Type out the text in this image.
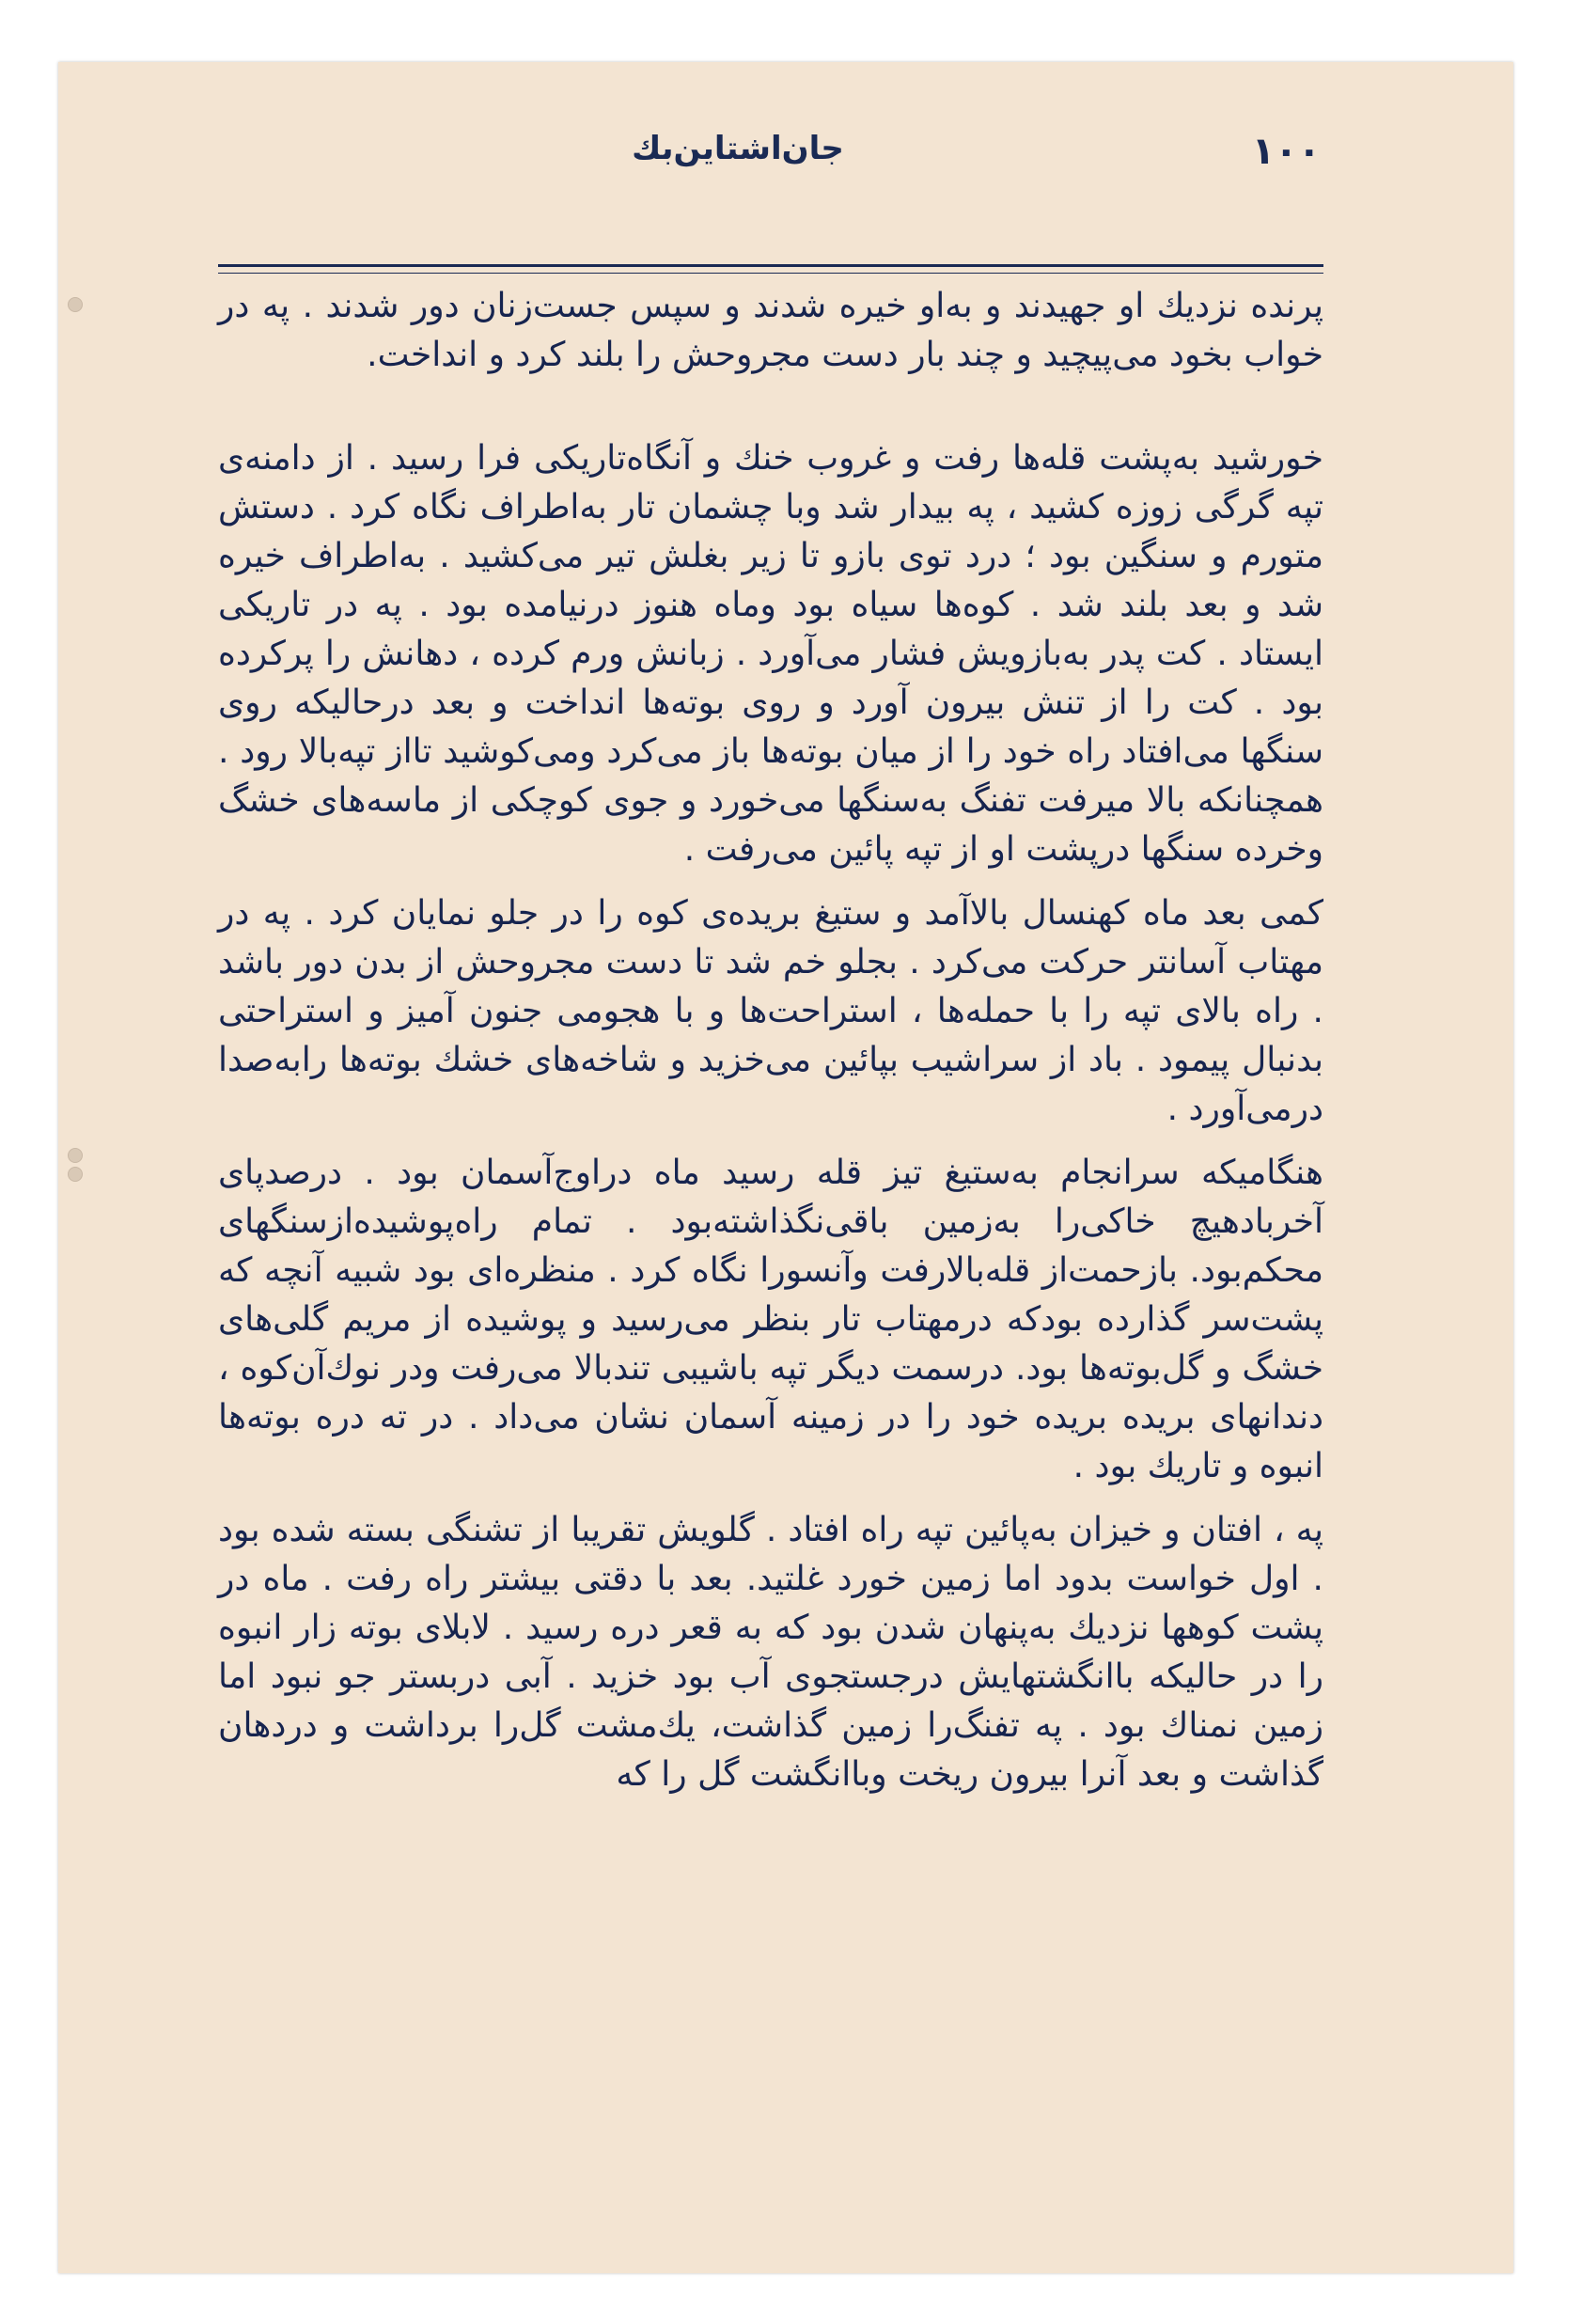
۱۰۰
جان‌اشتاین‌بك

پرنده نزدیك او جهیدند و به‌او خیره شدند و سپس جست‌زنان دور شدند . په در خواب بخود می‌پیچید و چند بار دست مجروحش را بلند کرد و انداخت.

خورشید به‌پشت قله‌ها رفت و غروب خنك و آنگاه‌تاریکی فرا رسید . از دامنه‌ی تپه گرگی زوزه کشید ، په بیدار شد وبا چشمان تار به‌اطراف نگاه کرد . دستش متورم و سنگین بود ؛ درد توی بازو تا زیر بغلش تیر می‌کشید . به‌اطراف خیره شد و بعد بلند شد . کوه‌ها سیاه بود وماه هنوز درنیامده بود . په در تاریکی ایستاد . کت پدر به‌بازویش فشار می‌آورد . زبانش ورم کرده ، دهانش را پرکرده بود . کت را از تنش بیرون آورد و روی بوته‌ها انداخت و بعد درحالیکه روی سنگها می‌افتاد راه خود را از میان بوته‌ها باز می‌کرد ومی‌کوشید تااز تپه‌بالا رود . همچنانکه بالا میرفت تفنگ به‌سنگها می‌خورد و جوی کوچکی از ماسه‌های خشگ وخرده سنگها درپشت او از تپه پائین می‌رفت .

کمی بعد ماه کهنسال بالاآمد و ستیغ بریده‌ی کوه را در جلو نمایان کرد . په در مهتاب آسانتر حرکت می‌کرد . بجلو خم شد تا دست مجروحش از بدن دور باشد . راه بالای تپه را با حمله‌ها ، استراحت‌ها و با هجومی جنون آمیز و استراحتی بدنبال پیمود . باد از سراشیب بپائین می‌خزید و شاخه‌های خشك بوته‌ها رابه‌صدا درمی‌آورد .

هنگامیکه سرانجام به‌ستیغ تیز قله رسید ماه دراوج‌آسمان بود . درصدپای آخربادهیچ خاکی‌را به‌زمین باقی‌نگذاشته‌بود . تمام راه‌پوشیده‌ازسنگهای محکم‌بود. بازحمت‌از قله‌بالارفت وآنسورا نگاه کرد . منظره‌ای بود شبیه آنچه که پشت‌سر گذارده بودکه درمهتاب تار بنظر می‌رسید و پوشیده از مریم گلی‌های خشگ و گل‌بوته‌ها بود. درسمت دیگر تپه باشیبی تندبالا می‌رفت ودر نوك‌آن‌کوه ، دندانهای بریده بریده خود را در زمینه آسمان نشان می‌داد . در ته دره بوته‌ها انبوه و تاریك بود .

په ، افتان و خیزان به‌پائین تپه راه افتاد . گلویش تقریبا از تشنگی بسته شده بود . اول خواست بدود اما زمین خورد غلتید. بعد با دقتی بیشتر راه رفت . ماه در پشت کوهها نزدیك به‌پنهان شدن بود که به قعر دره رسید . لابلای بوته زار انبوه را در حالیکه باانگشتهایش درجستجوی آب بود خزید . آبی دربستر جو نبود اما زمین نمناك بود . په تفنگ‌را زمین گذاشت، یك‌مشت گل‌را برداشت و دردهان گذاشت و بعد آنرا بیرون ریخت وباانگشت گل را که
